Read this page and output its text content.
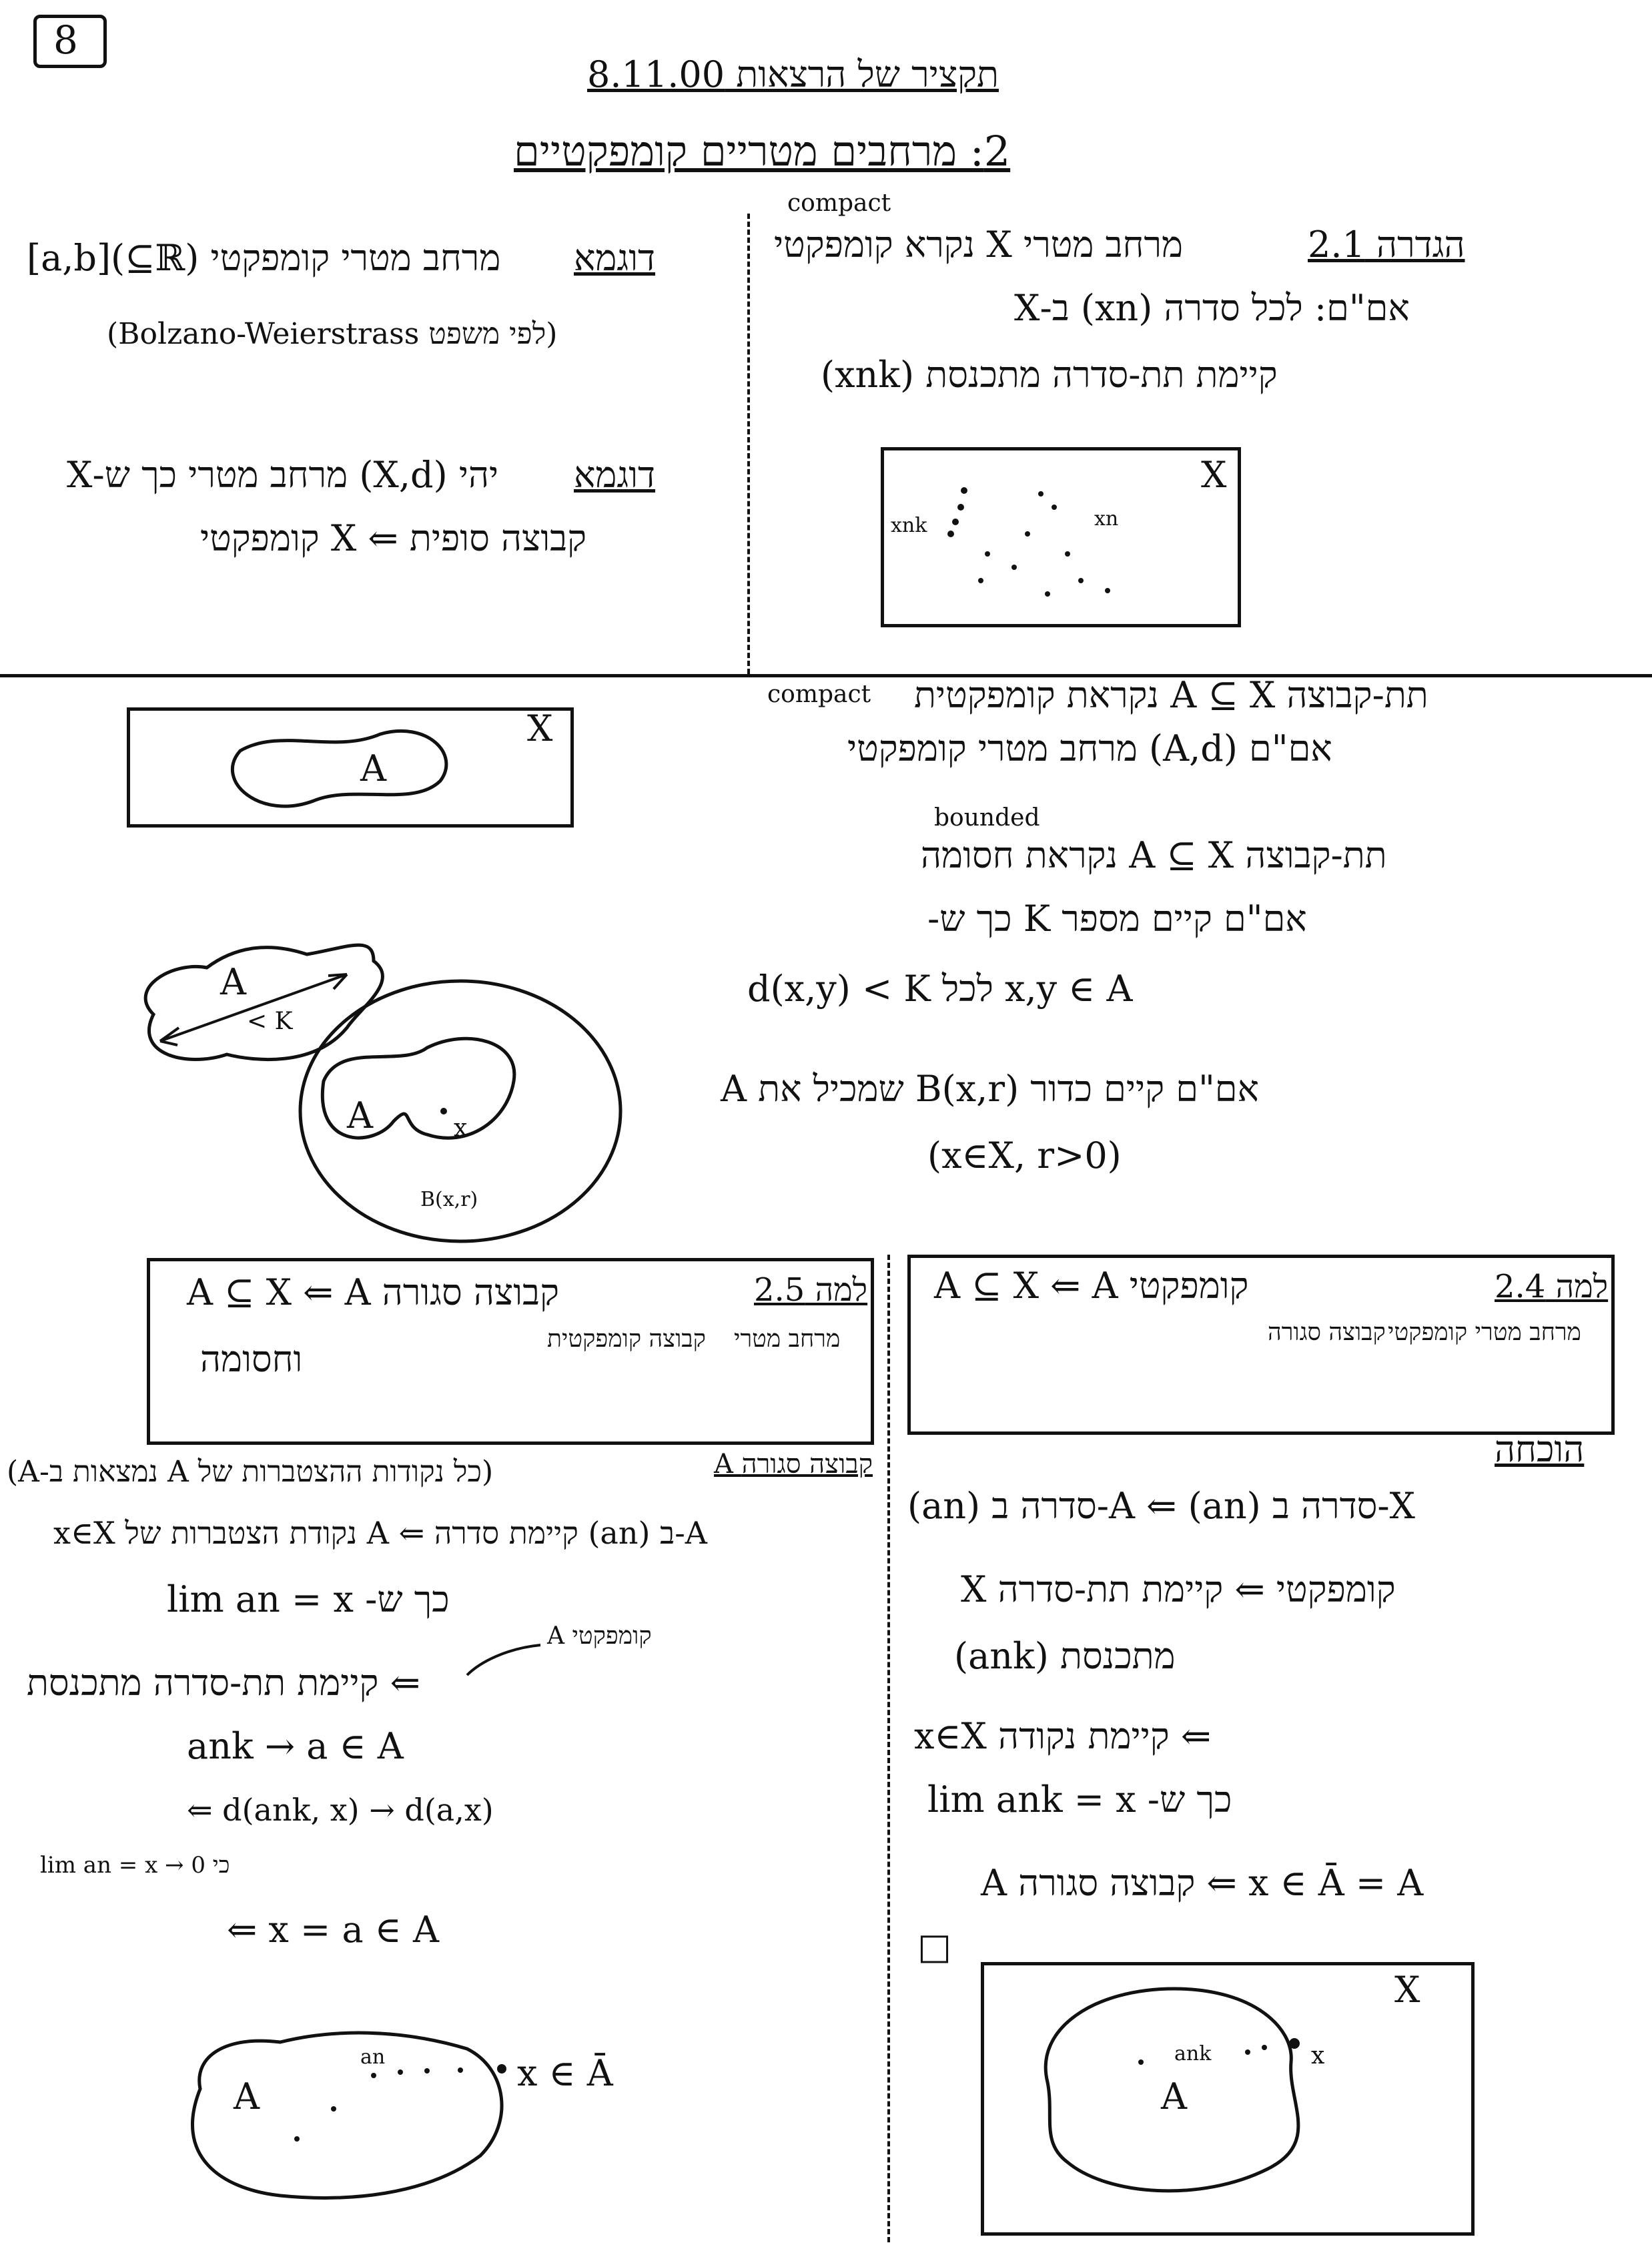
8
תקציר של הרצאות 8.11.00
2: מרחבים מטריים קומפקטיים
compact
הגדרה 2.1
מרחב מטרי X נקרא קומפקטי
אם"ם: לכל סדרה (xn) ב-X
קיימת תת-סדרה מתכנסת (xnk)
X
xnk	xn
דוגמא
[a,b](⊆ℝ) מרחב מטרי קומפקטי
(לפי משפט Bolzano-Weierstrass)
דוגמא
יהי (X,d) מרחב מטרי כך ש-X
קבוצה סופית ⇐ X קומפקטי
compact תת-קבוצה A ⊆ X נקראת קומפקטית
אם"ם (A,d) מרחב מטרי קומפקטי
bounded
תת-קבוצה A ⊆ X נקראת חסומה
אם"ם קיים מספר K כך ש-
d(x,y) < K לכל x,y ∈ A
אם"ם קיים כדור B(x,r) שמכיל את A
(x∈X, r>0)
X
A
A
< K
A	x
B(x,r)
למה 2.4
A ⊆ X ⇐ A קומפקטי
מרחב מטרי קומפקטי
קבוצה סגורה
הוכחה
(an) סדרה ב-A ⇐ (an) סדרה ב-X
X קומפקטי ⇐ קיימת תת-סדרה
מתכנסת (ank)
⇐ קיימת נקודה x∈X
כך ש- lim ank = x
A קבוצה סגורה ⇐ x ∈ Ā = A
□
X
A
ank	x
למה 2.5
A ⊆ X ⇐ A קבוצה סגורה
וחסומה	מרחב מטרי
קבוצה קומפקטית
A קבוצה סגורה
(כל נקודות ההצטברות של A נמצאות ב-A)
x∈X נקודת הצטברות של A ⇐ קיימת סדרה (an) ב-A
כך ש- lim an = x
A קומפקטי
⇐ קיימת תת-סדרה מתכנסת
ank → a ∈ A
⇐ d(ank, x) → d(a,x)
כי lim an = x → 0
⇐ x = a ∈ A
A
an	x ∈ Ā
